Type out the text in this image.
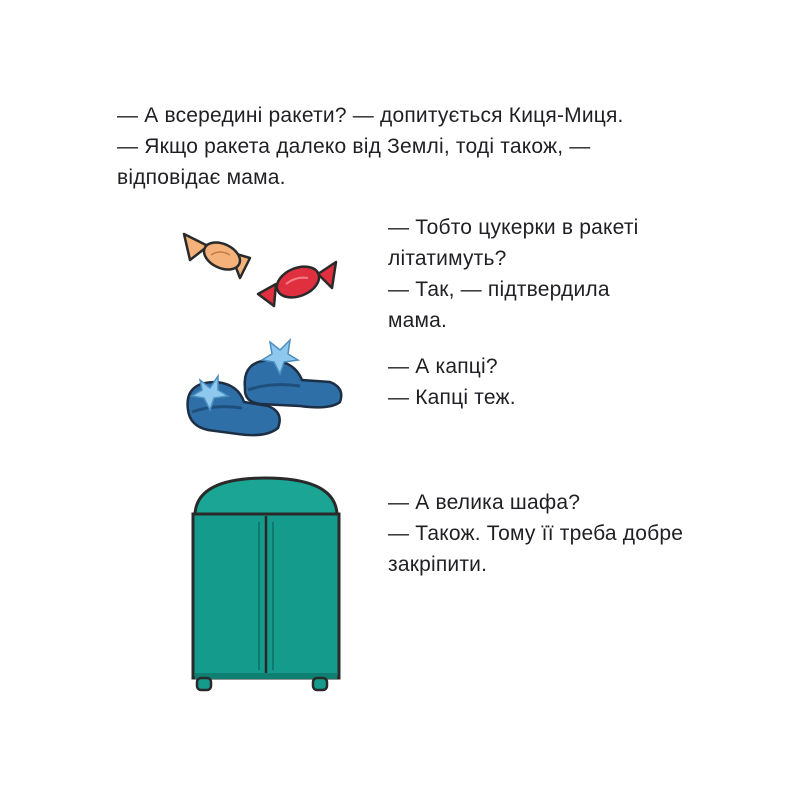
— А всередині ракети? — допитується Киця-Миця.

— Якщо ракета далеко від Землі, тоді також, —

відповідає мама.

— Тобто цукерки в ракеті

літатимуть?

— Так, — підтвердила

мама.

— А капці?

— Капці теж.

— А велика шафа?

— Також. Тому її треба добре

закріпити.
